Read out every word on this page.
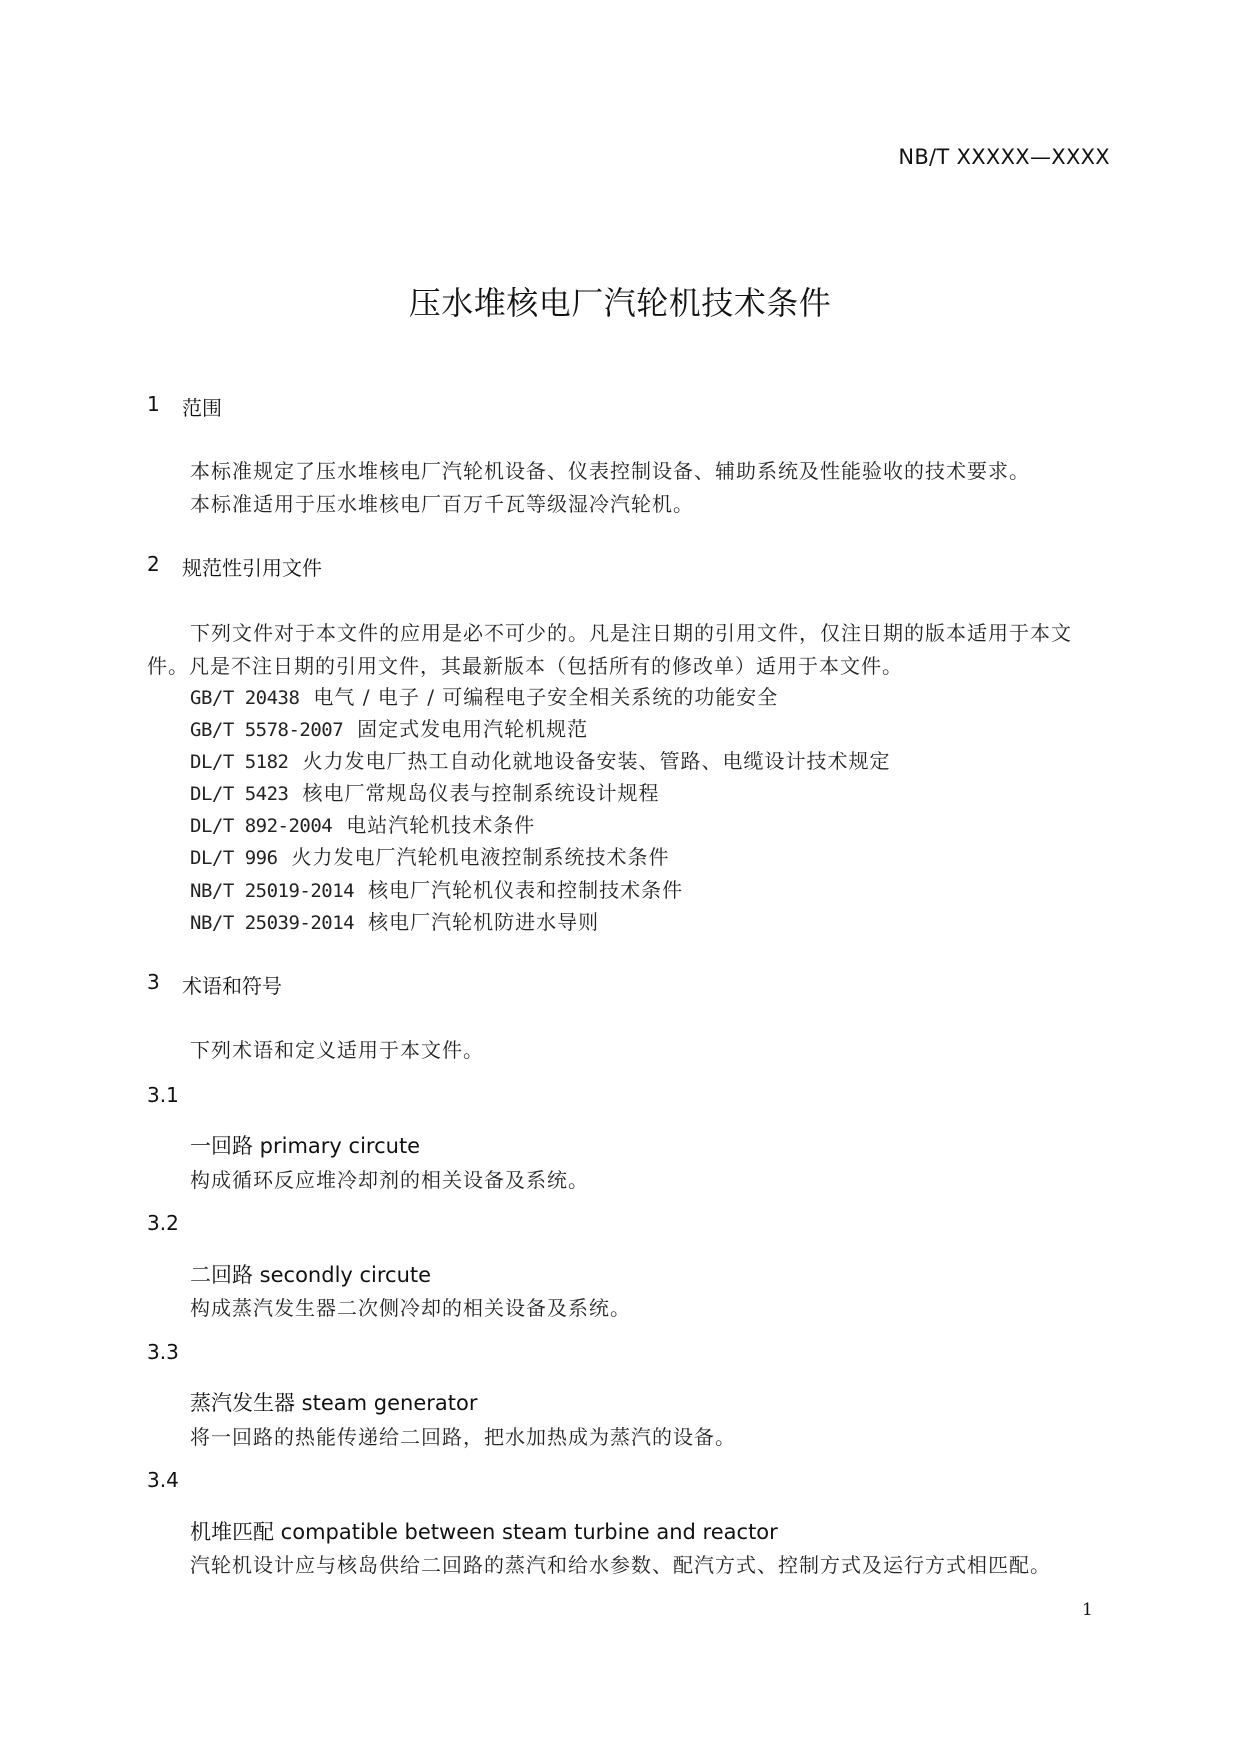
NB/T XXXXX—XXXX
压水堆核电厂汽轮机技术条件
1 范围
本标准规定了压水堆核电厂汽轮机设备、仪表控制设备、辅助系统及性能验收的技术要求。
本标准适用于压水堆核电厂百万千瓦等级湿冷汽轮机。
2 规范性引用文件
下列文件对于本文件的应用是必不可少的。凡是注日期的引用文件，仅注日期的版本适用于本文
件。凡是不注日期的引用文件，其最新版本（包括所有的修改单）适用于本文件。
GB/T 20438 电气 / 电子 / 可编程电子安全相关系统的功能安全
GB/T 5578-2007 固定式发电用汽轮机规范
DL/T 5182 火力发电厂热工自动化就地设备安装、管路、电缆设计技术规定
DL/T 5423 核电厂常规岛仪表与控制系统设计规程
DL/T 892-2004 电站汽轮机技术条件
DL/T 996 火力发电厂汽轮机电液控制系统技术条件
NB/T 25019-2014 核电厂汽轮机仪表和控制技术条件
NB/T 25039-2014 核电厂汽轮机防进水导则
3 术语和符号
下列术语和定义适用于本文件。
3.1
一回路 primary circute
构成循环反应堆冷却剂的相关设备及系统。
3.2
二回路 secondly circute
构成蒸汽发生器二次侧冷却的相关设备及系统。
3.3
蒸汽发生器 steam generator
将一回路的热能传递给二回路，把水加热成为蒸汽的设备。
3.4
机堆匹配 compatible between steam turbine and reactor
汽轮机设计应与核岛供给二回路的蒸汽和给水参数、配汽方式、控制方式及运行方式相匹配。
1
